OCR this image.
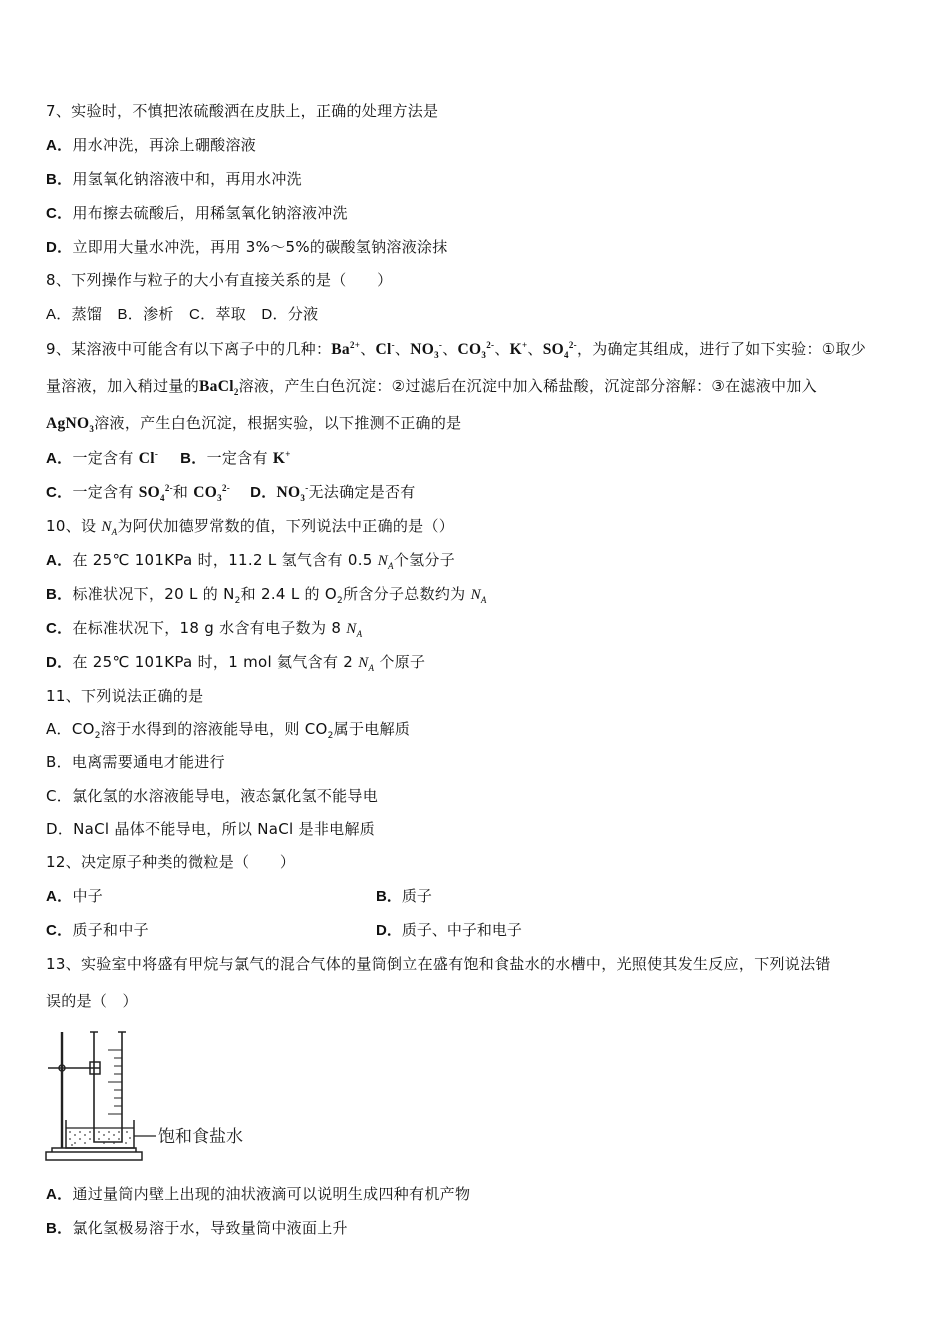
7、实验时，不慎把浓硫酸洒在皮肤上，正确的处理方法是
A．用水冲洗，再涂上硼酸溶液
B．用氢氧化钠溶液中和，再用水冲洗
C．用布擦去硫酸后，用稀氢氧化钠溶液冲洗
D．立即用大量水冲洗，再用 3%～5%的碳酸氢钠溶液涂抹
8、下列操作与粒子的大小有直接关系的是（　　）
A．蒸馏　B．渗析　C．萃取　D．分液
9、某溶液中可能含有以下离子中的几种：$Ba^{2+}$、Cl-、$NO_3^-$、$CO_3^{2-}$、K+、$SO_4^{2-}$，为确定其组成，进行了如下实验：①取少
量溶液，加入稍过量的BaCl$_2$溶液，产生白色沉淀：②过滤后在沉淀中加入稀盐酸，沉淀部分溶解：③在滤液中加入
AgNO$_3$溶液，产生白色沉淀，根据实验，以下推测不正确的是
A．一定含有 Cl- B．一定含有 K+
C．一定含有 $SO_4^{2-}$和 $CO_3^{2-}$ D．$NO_3^-$无法确定是否有
10、设 $N_A$为阿伏加德罗常数的值，下列说法中正确的是（）
A．在 25℃ 101KPa 时，11.2 L 氢气含有 0.5 $N_A$个氢分子
B．标准状况下，20 L 的 $N_2$和 2.4 L 的 $O_2$所含分子总数约为 $N_A$
C．在标准状况下，18 g 水含有电子数为 8 $N_A$
D．在 25℃ 101KPa 时，1 mol 氦气含有 2 $N_A$ 个原子
11、下列说法正确的是
A．$CO_2$溶于水得到的溶液能导电，则 $CO_2$属于电解质
B．电离需要通电才能进行
C．氯化氢的水溶液能导电，液态氯化氢不能导电
D．NaCl 晶体不能导电，所以 NaCl 是非电解质
12、决定原子种类的微粒是（　　）
A．中子	B．质子
C．质子和中子	D．质子、中子和电子
13、实验室中将盛有甲烷与氯气的混合气体的量筒倒立在盛有饱和食盐水的水槽中，光照使其发生反应，下列说法错
误的是（　）
饱和食盐水
A．通过量筒内壁上出现的油状液滴可以说明生成四种有机产物
B．氯化氢极易溶于水，导致量筒中液面上升
